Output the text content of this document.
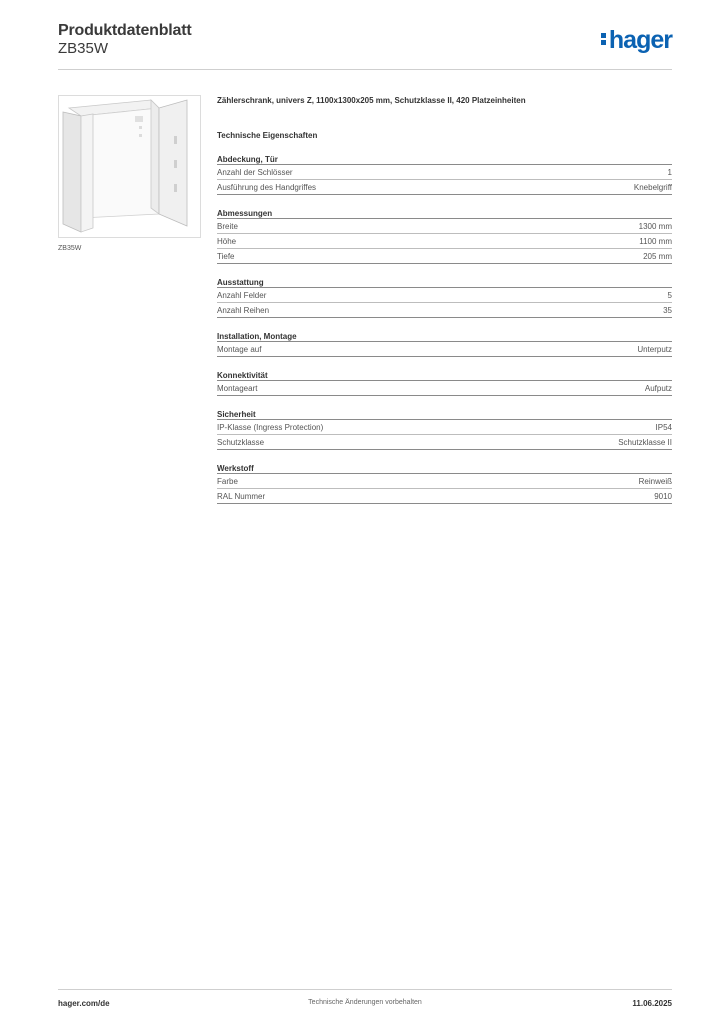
Produktdatenblatt
ZB35W	hager
ZB35W
Zählerschrank, univers Z, 1100x1300x205 mm, Schutzklasse II, 420 Platzeinheiten
Technische Eigenschaften
Abdeckung, Tür
Anzahl der Schlösser	1
Ausführung des Handgriffes	Knebelgriff
Abmessungen
Breite	1300 mm
Höhe	1100 mm
Tiefe	205 mm
Ausstattung
Anzahl Felder	5
Anzahl Reihen	35
Installation, Montage
Montage auf	Unterputz
Konnektivität
Montageart	Aufputz
Sicherheit
IP-Klasse (Ingress Protection)	IP54
Schutzklasse	Schutzklasse II
Werkstoff
Farbe	Reinweiß
RAL Nummer	9010
hager.com/de	Technische Änderungen vorbehalten	11.06.2025
